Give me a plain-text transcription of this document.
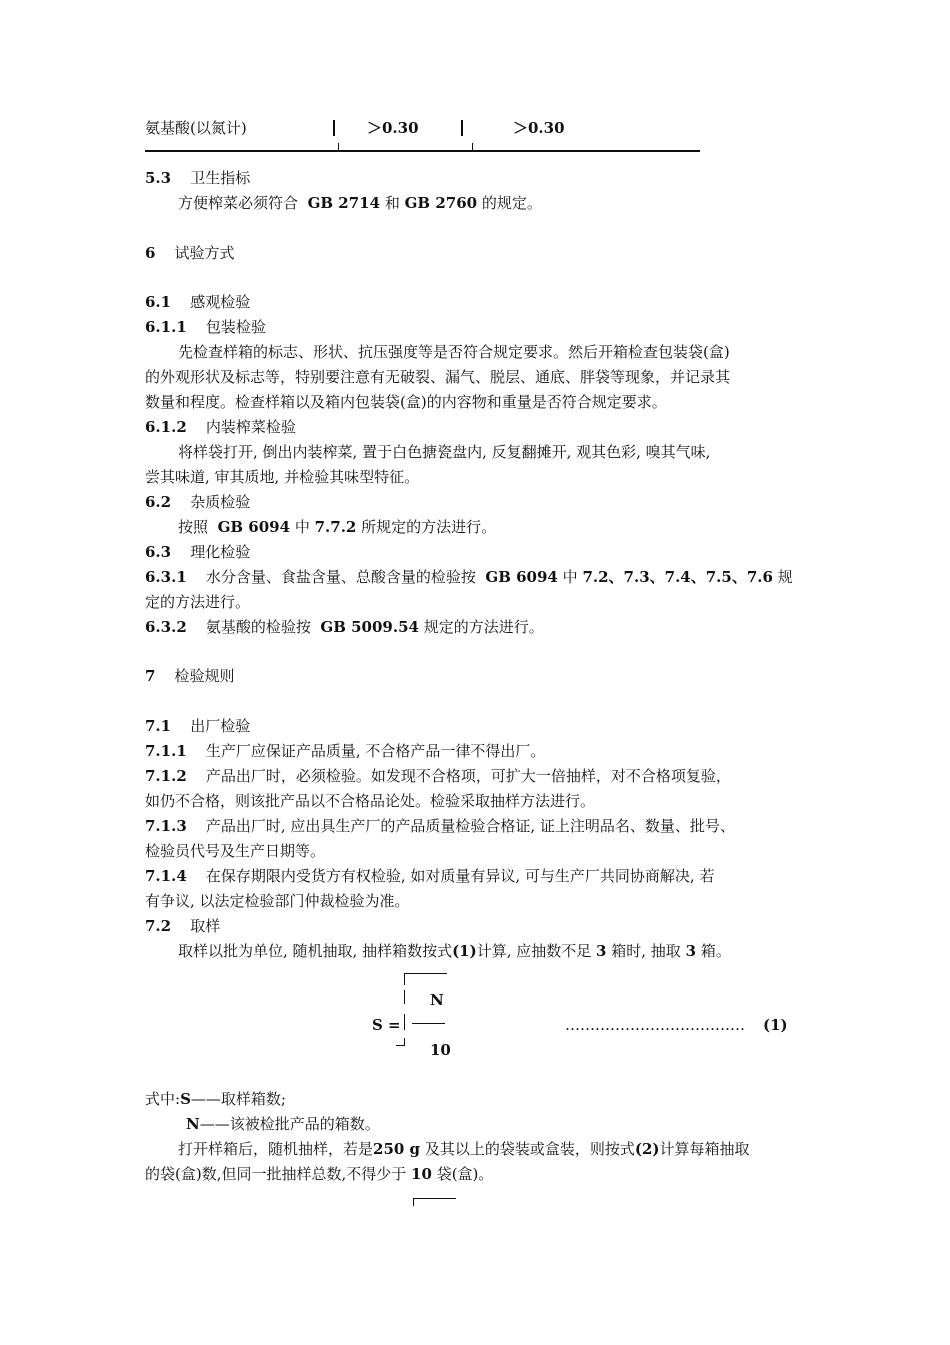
氨基酸(以氮计)	＞0.30	＞0.30
5.3 卫生指标
方便榨菜必须符合 GB 2714 和 GB 2760 的规定。
6 试验方式
6.1 感观检验
6.1.1 包装检验
先检查样箱的标志、形状、抗压强度等是否符合规定要求。然后开箱检查包装袋(盒)
的外观形状及标志等，特别要注意有无破裂、漏气、脱层、通底、胖袋等现象，并记录其
数量和程度。检查样箱以及箱内包装袋(盒)的内容物和重量是否符合规定要求。
6.1.2 内装榨菜检验
将样袋打开, 倒出内装榨菜, 置于白色搪瓷盘内, 反复翻摊开, 观其色彩, 嗅其气味,
尝其味道, 审其质地, 并检验其味型特征。
6.2 杂质检验
按照 GB 6094 中 7.7.2 所规定的方法进行。
6.3 理化检验
6.3.1 水分含量、食盐含量、总酸含量的检验按 GB 6094 中 7.2、7.3、7.4、7.5、7.6 规
定的方法进行。
6.3.2 氨基酸的检验按 GB 5009.54 规定的方法进行。
7 检验规则
7.1 出厂检验
7.1.1 生产厂应保证产品质量, 不合格产品一律不得出厂。
7.1.2 产品出厂时，必须检验。如发现不合格项，可扩大一倍抽样，对不合格项复验，
如仍不合格，则该批产品以不合格品论处。检验采取抽样方法进行。
7.1.3 产品出厂时, 应出具生产厂的产品质量检验合格证, 证上注明品名、数量、批号、
检验员代号及生产日期等。
7.1.4 在保存期限内受货方有权检验, 如对质量有异议, 可与生产厂共同协商解决, 若
有争议, 以法定检验部门仲裁检验为准。
7.2 取样
取样以批为单位, 随机抽取, 抽样箱数按式(1)计算, 应抽数不足 3 箱时, 抽取 3 箱。
N
S =
10
……………………………… (1)
式中:S——取样箱数;
N——该被检批产品的箱数。
打开样箱后，随机抽样，若是250 g 及其以上的袋装或盒装，则按式(2)计算每箱抽取
的袋(盒)数,但同一批抽样总数,不得少于 10 袋(盒)。
